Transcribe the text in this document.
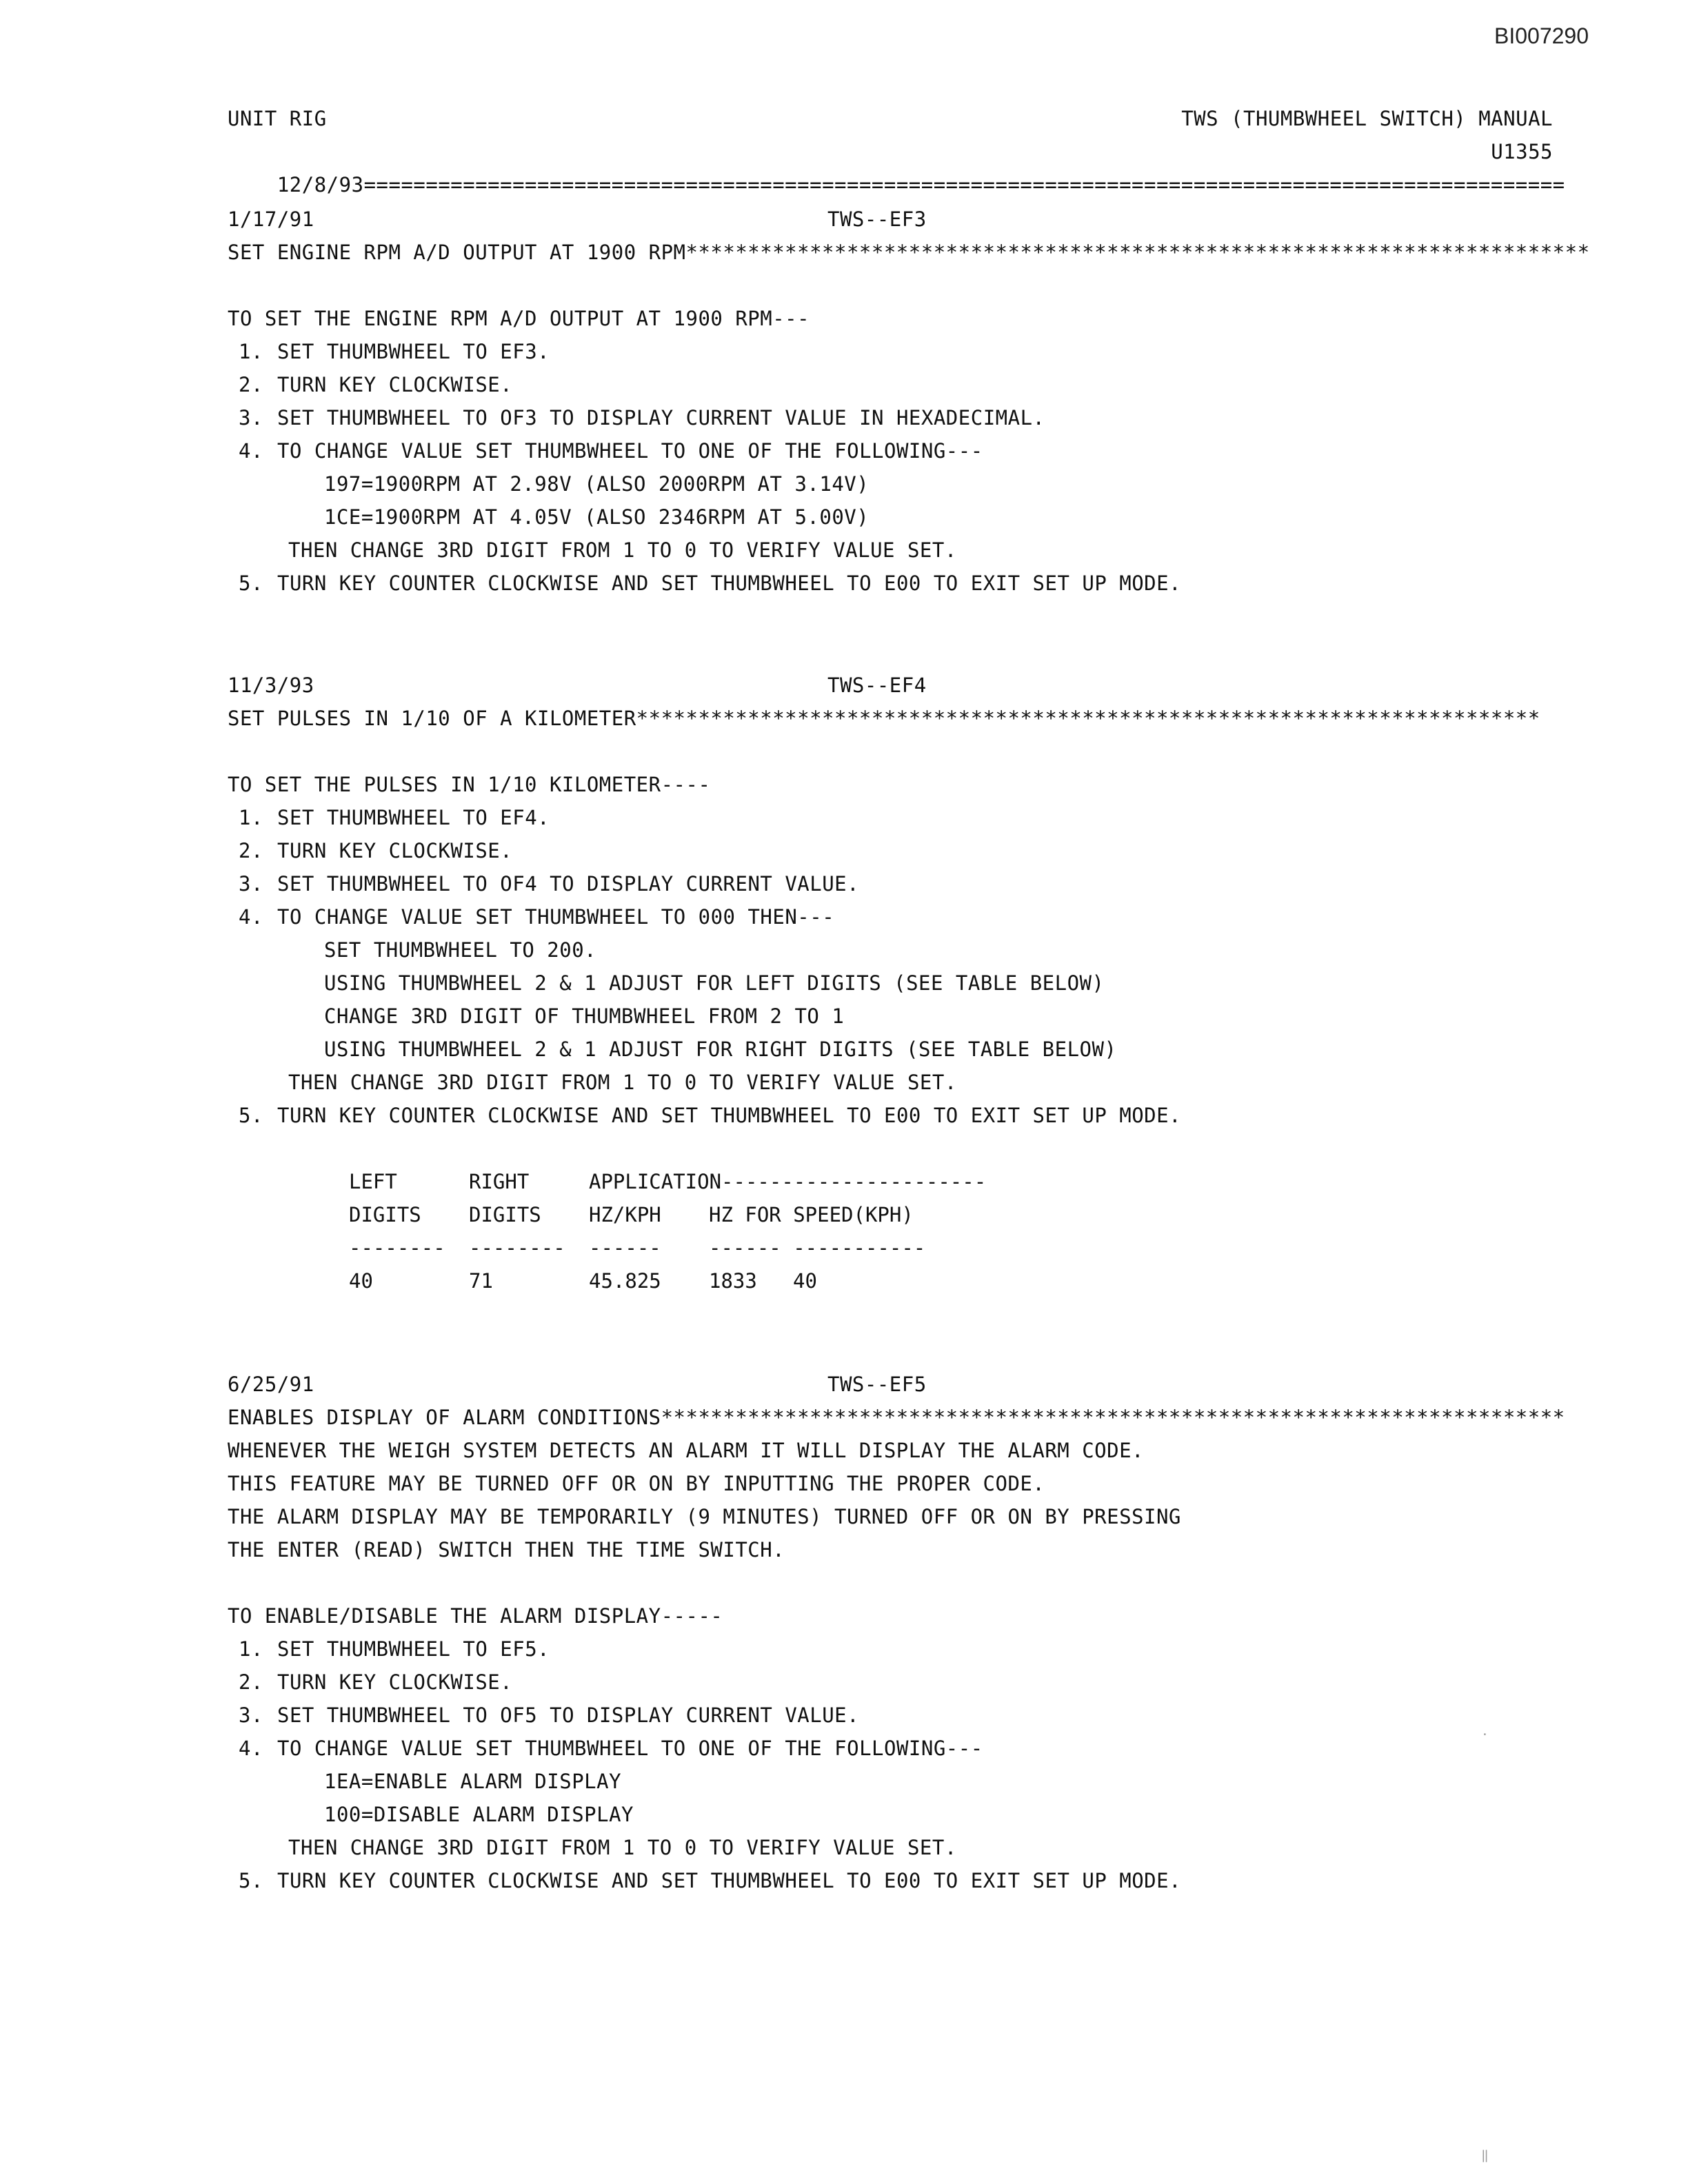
BI007290
UNIT RIG	TWS (THUMBWHEEL SWITCH) MANUAL

12/8/93=================================================================================================

U1355
1/17/91	TWS--EF3
SET ENGINE RPM A/D OUTPUT AT 1900 RPM*************************************************************************
TO SET THE ENGINE RPM A/D OUTPUT AT 1900 RPM---
1. SET THUMBWHEEL TO EF3.
2. TURN KEY CLOCKWISE.
3. SET THUMBWHEEL TO OF3 TO DISPLAY CURRENT VALUE IN HEXADECIMAL.
4. TO CHANGE VALUE SET THUMBWHEEL TO ONE OF THE FOLLOWING---
197=1900RPM AT 2.98V (ALSO 2000RPM AT 3.14V)
1CE=1900RPM AT 4.05V (ALSO 2346RPM AT 5.00V)
THEN CHANGE 3RD DIGIT FROM 1 TO 0 TO VERIFY VALUE SET.
5. TURN KEY COUNTER CLOCKWISE AND SET THUMBWHEEL TO E00 TO EXIT SET UP MODE.
11/3/93	TWS--EF4
SET PULSES IN 1/10 OF A KILOMETER*************************************************************************
TO SET THE PULSES IN 1/10 KILOMETER----
1. SET THUMBWHEEL TO EF4.
2. TURN KEY CLOCKWISE.
3. SET THUMBWHEEL TO OF4 TO DISPLAY CURRENT VALUE.
4. TO CHANGE VALUE SET THUMBWHEEL TO 000 THEN---
SET THUMBWHEEL TO 200.
USING THUMBWHEEL 2 & 1 ADJUST FOR LEFT DIGITS (SEE TABLE BELOW)
CHANGE 3RD DIGIT OF THUMBWHEEL FROM 2 TO 1
USING THUMBWHEEL 2 & 1 ADJUST FOR RIGHT DIGITS (SEE TABLE BELOW)
THEN CHANGE 3RD DIGIT FROM 1 TO 0 TO VERIFY VALUE SET.
5. TURN KEY COUNTER CLOCKWISE AND SET THUMBWHEEL TO E00 TO EXIT SET UP MODE.
LEFT	RIGHT	APPLICATION----------------------
DIGITS DIGITS HZ/KPH HZ FOR SPEED(KPH)
-------- -------- ------ ------ -----------
40	71	45.825 1833 40
6/25/91	TWS--EF5
ENABLES DISPLAY OF ALARM CONDITIONS*************************************************************************
WHENEVER THE WEIGH SYSTEM DETECTS AN ALARM IT WILL DISPLAY THE ALARM CODE.
THIS FEATURE MAY BE TURNED OFF OR ON BY INPUTTING THE PROPER CODE.
THE ALARM DISPLAY MAY BE TEMPORARILY (9 MINUTES) TURNED OFF OR ON BY PRESSING
THE ENTER (READ) SWITCH THEN THE TIME SWITCH.
TO ENABLE/DISABLE THE ALARM DISPLAY-----
1. SET THUMBWHEEL TO EF5.
2. TURN KEY CLOCKWISE.
3. SET THUMBWHEEL TO OF5 TO DISPLAY CURRENT VALUE.
4. TO CHANGE VALUE SET THUMBWHEEL TO ONE OF THE FOLLOWING---
1EA=ENABLE ALARM DISPLAY
100=DISABLE ALARM DISPLAY
THEN CHANGE 3RD DIGIT FROM 1 TO 0 TO VERIFY VALUE SET.
5. TURN KEY COUNTER CLOCKWISE AND SET THUMBWHEEL TO E00 TO EXIT SET UP MODE.
·
‖
